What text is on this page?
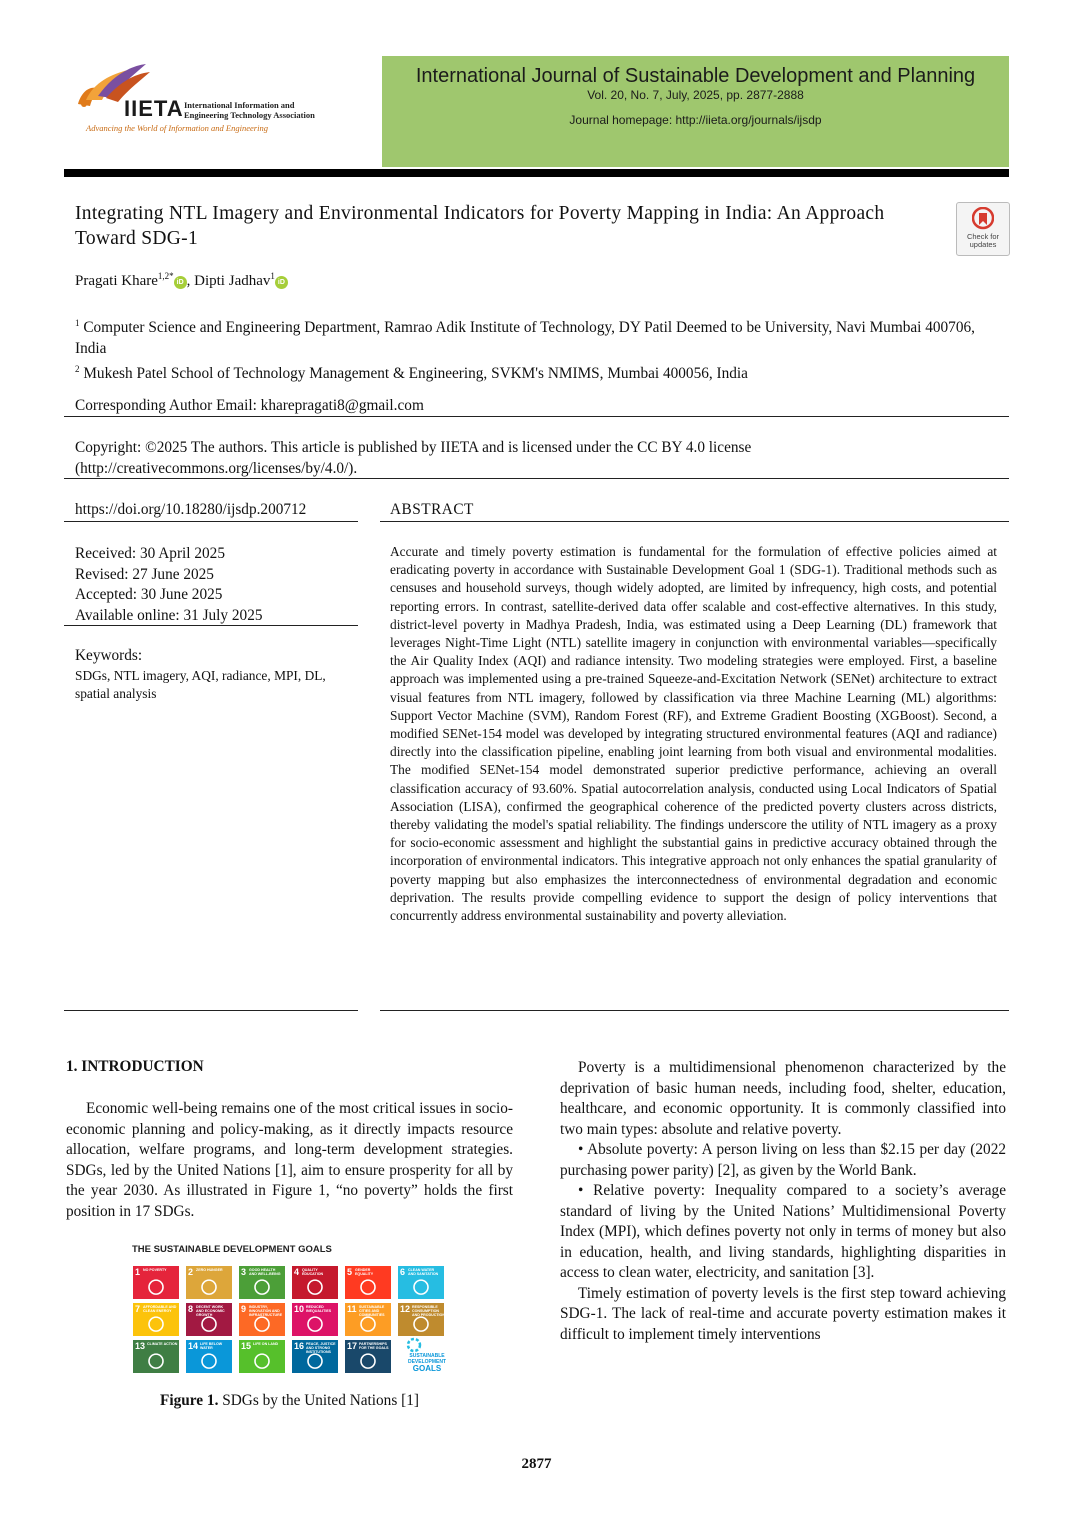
IIETA International Information and
Engineering Technology Association
Advancing the World of Information and Engineering
International Journal of Sustainable Development and Planning
Vol. 20, No. 7, July, 2025, pp. 2877-2888
Journal homepage: http://iieta.org/journals/ijsdp
Integrating NTL Imagery and Environmental Indicators for Poverty Mapping in India: An Approach Toward SDG-1	Check for
updates
Pragati Khare$^{1,2*}$iD , Dipti Jadhav$^1$iD
$^1$ Computer Science and Engineering Department, Ramrao Adik Institute of Technology, DY Patil Deemed to be University, Navi Mumbai 400706, India
$^2$ Mukesh Patel School of Technology Management & Engineering, SVKM's NMIMS, Mumbai 400056, India
Corresponding Author Email: kharepragati8@gmail.com
Copyright: ©2025 The authors. This article is published by IIETA and is licensed under the CC BY 4.0 license (http://creativecommons.org/licenses/by/4.0/).
https://doi.org/10.18280/ijsdp.200712	ABSTRACT
Received: 30 April 2025
Revised: 27 June 2025
Accepted: 30 June 2025
Available online: 31 July 2025
Keywords:
SDGs, NTL imagery, AQI, radiance, MPI, DL, spatial analysis
Accurate and timely poverty estimation is fundamental for the formulation of effective policies aimed at eradicating poverty in accordance with Sustainable Development Goal 1 (SDG-1). Traditional methods such as censuses and household surveys, though widely adopted, are limited by infrequency, high costs, and potential reporting errors. In contrast, satellite-derived data offer scalable and cost-effective alternatives. In this study, district-level poverty in Madhya Pradesh, India, was estimated using a Deep Learning (DL) framework that leverages Night-Time Light (NTL) satellite imagery in conjunction with environmental variables—specifically the Air Quality Index (AQI) and radiance intensity. Two modeling strategies were employed. First, a baseline approach was implemented using a pre-trained Squeeze-and-Excitation Network (SENet) architecture to extract visual features from NTL imagery, followed by classification via three Machine Learning (ML) algorithms: Support Vector Machine (SVM), Random Forest (RF), and Extreme Gradient Boosting (XGBoost). Second, a modified SENet-154 model was developed by integrating structured environmental features (AQI and radiance) directly into the classification pipeline, enabling joint learning from both visual and environmental modalities. The modified SENet-154 model demonstrated superior predictive performance, achieving an overall classification accuracy of 93.60%. Spatial autocorrelation analysis, conducted using Local Indicators of Spatial Association (LISA), confirmed the geographical coherence of the predicted poverty clusters across districts, thereby validating the model's spatial reliability. The findings underscore the utility of NTL imagery as a proxy for socio-economic assessment and highlight the substantial gains in predictive accuracy obtained through the incorporation of environmental indicators. This integrative approach not only enhances the spatial granularity of poverty mapping but also emphasizes the interconnectedness of environmental degradation and economic deprivation. The results provide compelling evidence to support the design of policy interventions that concurrently address environmental sustainability and poverty alleviation.
1. INTRODUCTION
Economic well-being remains one of the most critical issues in socio-economic planning and policy-making, as it directly impacts resource allocation, welfare programs, and long-term development strategies. SDGs, led by the United Nations [1], aim to ensure prosperity for all by the year 2030. As illustrated in Figure 1, “no poverty” holds the first position in 17 SDGs.
THE SUSTAINABLE DEVELOPMENT GOALS
1 NO POVERTY 2 ZERO HUNGER 3 GOOD HEALTH
AND WELL-BEING 4 QUALITY
EDUCATION	5 GENDER
EQUALITY	6 CLEAN WATER
AND SANITATION
7 AFFORDABLE AND
CLEAN ENERGY 8 DECENT WORK
AND ECONOMIC
GROWTH
9 INDUSTRY,
INNOVATION AND
INFRASTRUCTURE
10 REDUCED
INEQUALITIES 11 SUSTAINABLE
CITIES AND
COMMUNITIES
12 RESPONSIBLE
CONSUMPTION
AND PRODUCTION
13 CLIMATE ACTION 14 LIFE BELOW
WATER	15 LIFE ON LAND 16 PEACE, JUSTICE
AND STRONG
INSTITUTIONS
17 PARTNERSHIPS
FOR THE GOALS
SUSTAINABLE
DEVELOPMENT
GOALS
Figure 1. SDGs by the United Nations [1]

Poverty is a multidimensional phenomenon characterized by the deprivation of basic human needs, including food, shelter, education, healthcare, and economic opportunity. It is commonly classified into two main types: absolute and relative poverty.

• Absolute poverty: A person living on less than $2.15 per day (2022 purchasing power parity) [2], as given by the World Bank.

• Relative poverty: Inequality compared to a society’s average standard of living by the United Nations’ Multidimensional Poverty Index (MPI), which defines poverty not only in terms of money but also in education, health, and living standards, highlighting disparities in access to clean water, electricity, and sanitation [3].

Timely estimation of poverty levels is the first step toward achieving SDG-1. The lack of real-time and accurate poverty estimation makes it difficult to implement timely interventions

2877
